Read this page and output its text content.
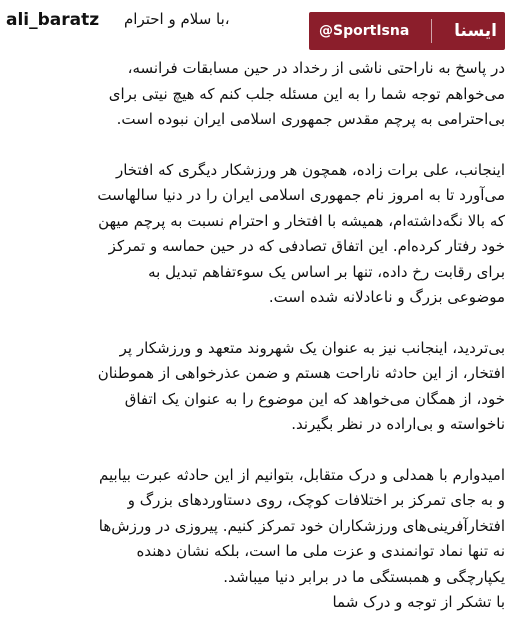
ali_baratz ،با سلام و احترام
@SportIsna	ایسنا

در پاسخ به ناراحتی ناشی از رخداد در حین مسابقات فرانسه،
می‌خواهم توجه شما را به این مسئله جلب کنم که هیچ نیتی برای
بی‌احترامی به پرچم مقدس جمهوری اسلامی ایران نبوده است.

اینجانب، علی برات زاده، همچون هر ورزشکار دیگری که افتخار
می‌آورد تا به امروز نام جمهوری اسلامی ایران را در دنیا سالهاست
که بالا نگه‌داشته‌ام، همیشه با افتخار و احترام نسبت به پرچم میهن
خود رفتار کرده‌ام. این اتفاق تصادفی که در حین حماسه و تمرکز
برای رقابت رخ داده، تنها بر اساس یک سوءتفاهم تبدیل به
موضوعی بزرگ و ناعادلانه شده است.

بی‌تردید، اینجانب نیز به عنوان یک شهروند متعهد و ورزشکار پر
افتخار، از این حادثه ناراحت هستم و ضمن عذرخواهی از هموطنان
خود، از همگان می‌خواهد که این موضوع را به عنوان یک اتفاق
ناخواسته و بی‌اراده در نظر بگیرند.

امیدوارم با همدلی و درک متقابل، بتوانیم از این حادثه عبرت بیابیم
و به جای تمرکز بر اختلافات کوچک، روی دستاوردهای بزرگ و
افتخارآفرینی‌های ورزشکاران خود تمرکز کنیم. پیروزی در ورزش‌ها
نه تنها نماد توانمندی و عزت ملی ما است، بلکه نشان دهنده
یکپارچگی و همبستگی ما در برابر دنیا میباشد.
با تشکر از توجه و درک شما
